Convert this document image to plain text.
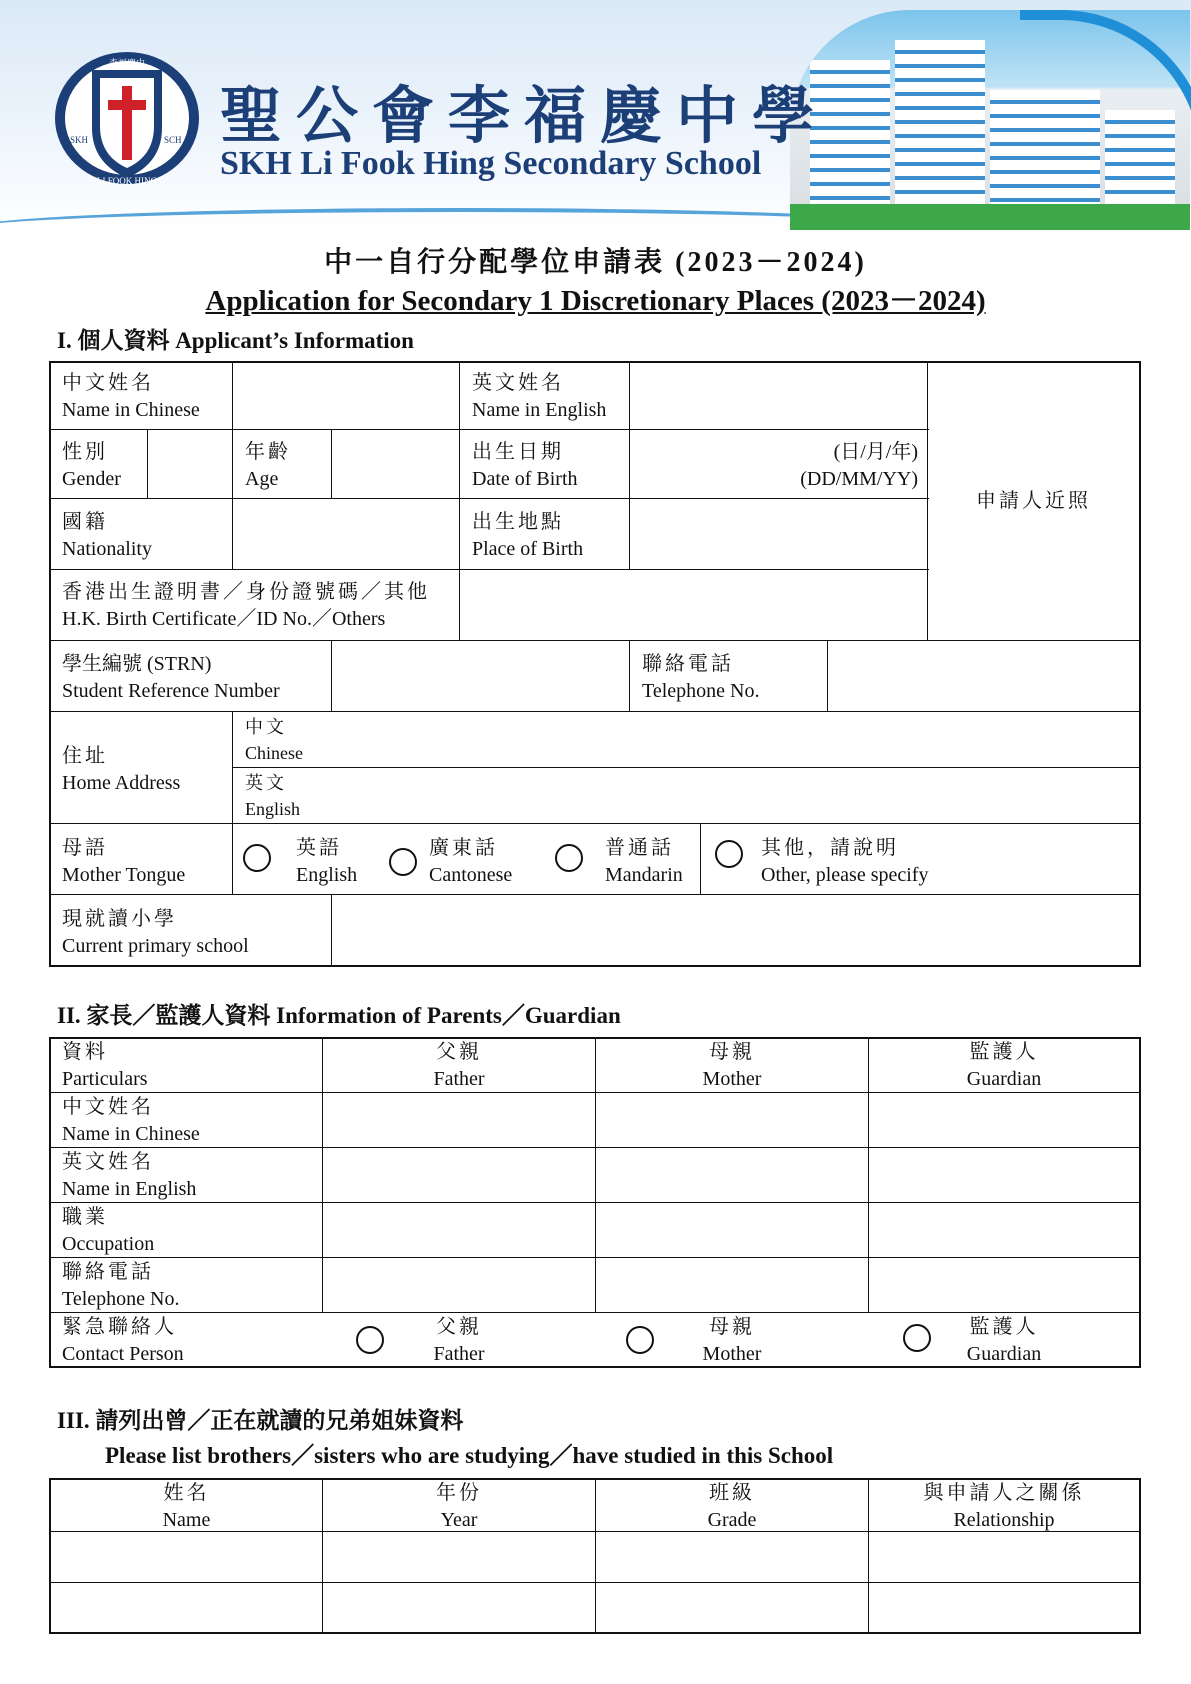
李福慶中
SKH	SCH
LI FOOK HING
聖公會李福慶中學
SKH Li Fook Hing Secondary School
中一自行分配學位申請表 (2023－2024)
Application for Secondary 1 Discretionary Places (2023－2024)
I. 個人資料 Applicant’s Information
中文姓名
Name in Chinese
英文姓名
Name in English
性別
Gender
年齡
Age
出生日期
Date of Birth
(日/月/年)
(DD/MM/YY)
國籍
Nationality
出生地點
Place of Birth
香港出生證明書／身份證號碼／其他
H.K. Birth Certificate／ID No.／Others
申請人近照
學生編號 (STRN)
Student Reference Number
聯絡電話
Telephone No.
住址
Home Address
中文
Chinese
英文
English
母語
Mother Tongue
英語
English
廣東話
Cantonese
普通話
Mandarin
其他，請說明
Other, please specify
現就讀小學
Current primary school
II. 家長／監護人資料 Information of Parents／Guardian
資料
Particulars
父親
Father
母親
Mother
監護人
Guardian
中文姓名
Name in Chinese
英文姓名
Name in English
職業
Occupation
聯絡電話
Telephone No.
緊急聯絡人
Contact Person
父親
Father
母親
Mother
監護人
Guardian
III. 請列出曾／正在就讀的兄弟姐妹資料
Please list brothers／sisters who are studying／have studied in this School
姓名
Name
年份
Year
班級
Grade
與申請人之關係
Relationship
